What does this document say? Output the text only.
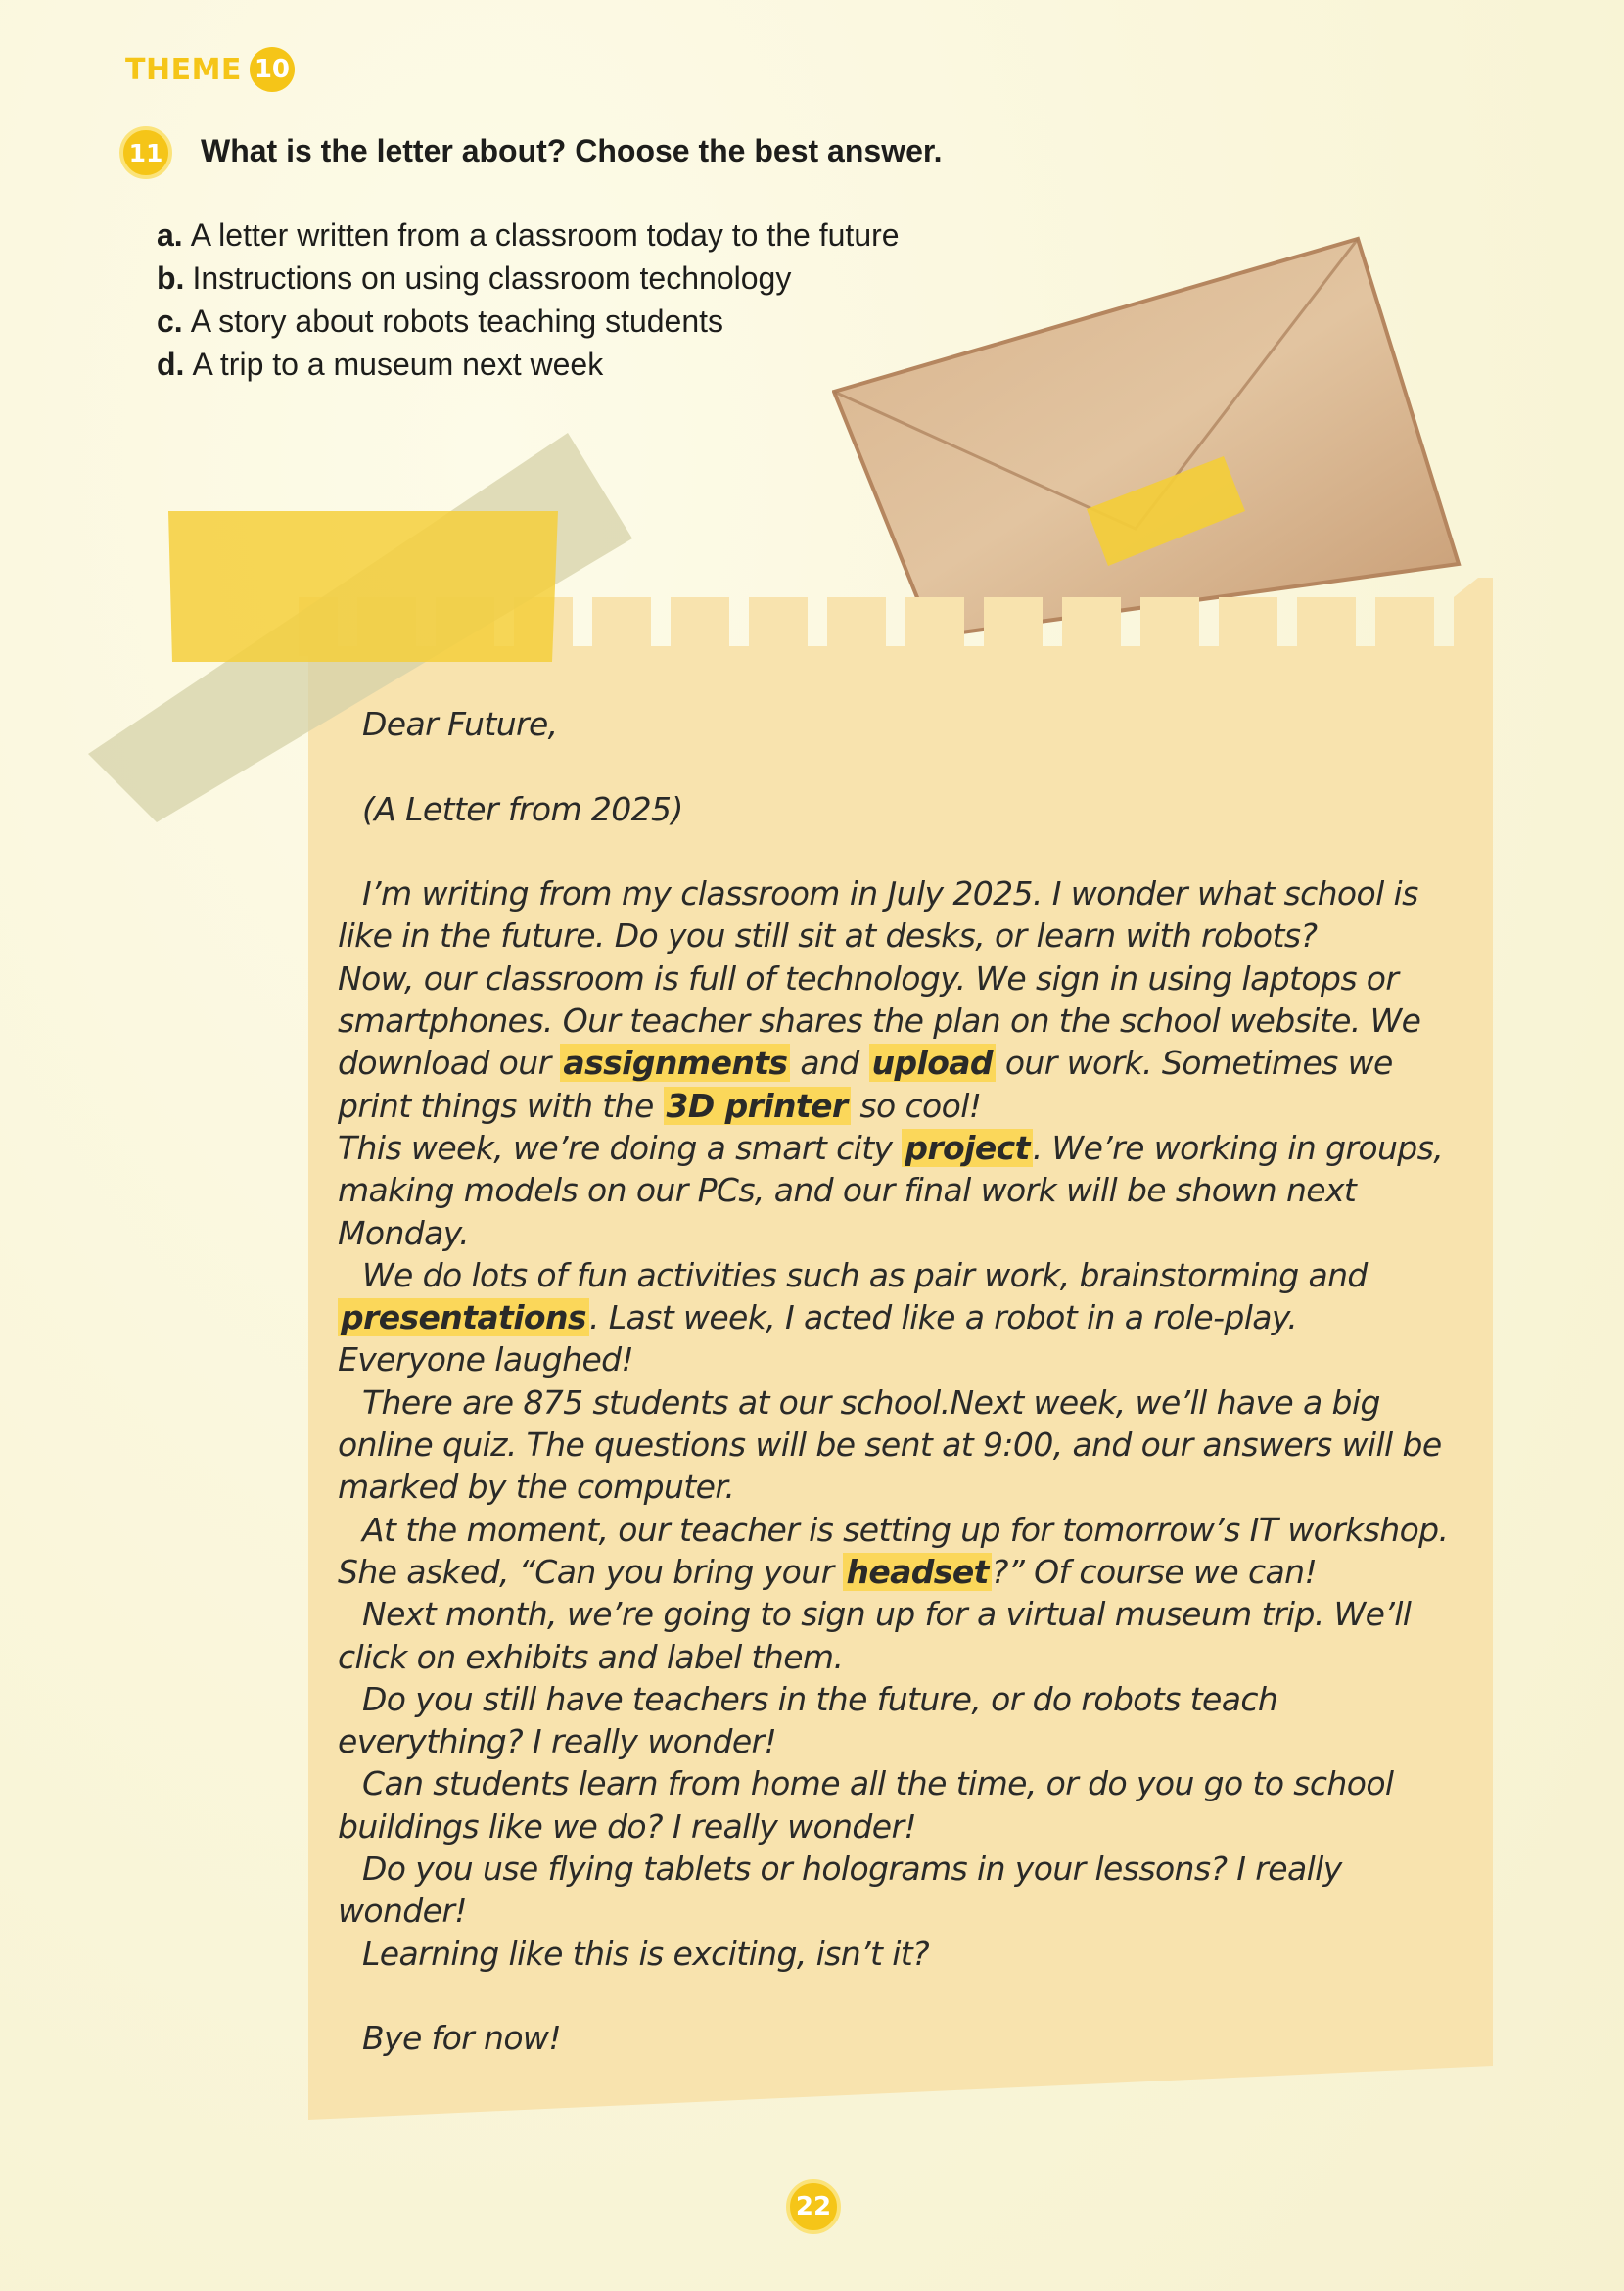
THEME 10
11	What is the letter about? Choose the best answer.
a. A letter written from a classroom today to the future
b. Instructions on using classroom technology
c. A story about robots teaching students
d. A trip to a museum next week

Dear Future,

(A Letter from 2025)

I’m writing from my classroom in July 2025. I wonder what school is like in the future. Do you still sit at desks, or learn with robots?

Now, our classroom is full of technology. We sign in using laptops or smartphones. Our teacher shares the plan on the school website. We download our assignments and upload our work. Sometimes we print things with the 3D printer so cool!

This week, we’re doing a smart city project. We’re working in groups, making models on our PCs, and our final work will be shown next Monday.

We do lots of fun activities such as pair work, brainstorming and presentations. Last week, I acted like a robot in a role-play. Everyone laughed!

There are 875 students at our school.Next week, we’ll have a big online quiz. The questions will be sent at 9:00, and our answers will be marked by the computer.

At the moment, our teacher is setting up for tomorrow’s IT workshop. She asked, “Can you bring your headset?” Of course we can!

Next month, we’re going to sign up for a virtual museum trip. We’ll click on exhibits and label them.

Do you still have teachers in the future, or do robots teach everything? I really wonder!

Can students learn from home all the time, or do you go to school buildings like we do? I really wonder!

Do you use flying tablets or holograms in your lessons? I really wonder!

Learning like this is exciting, isn’t it?

Bye for now!

22
